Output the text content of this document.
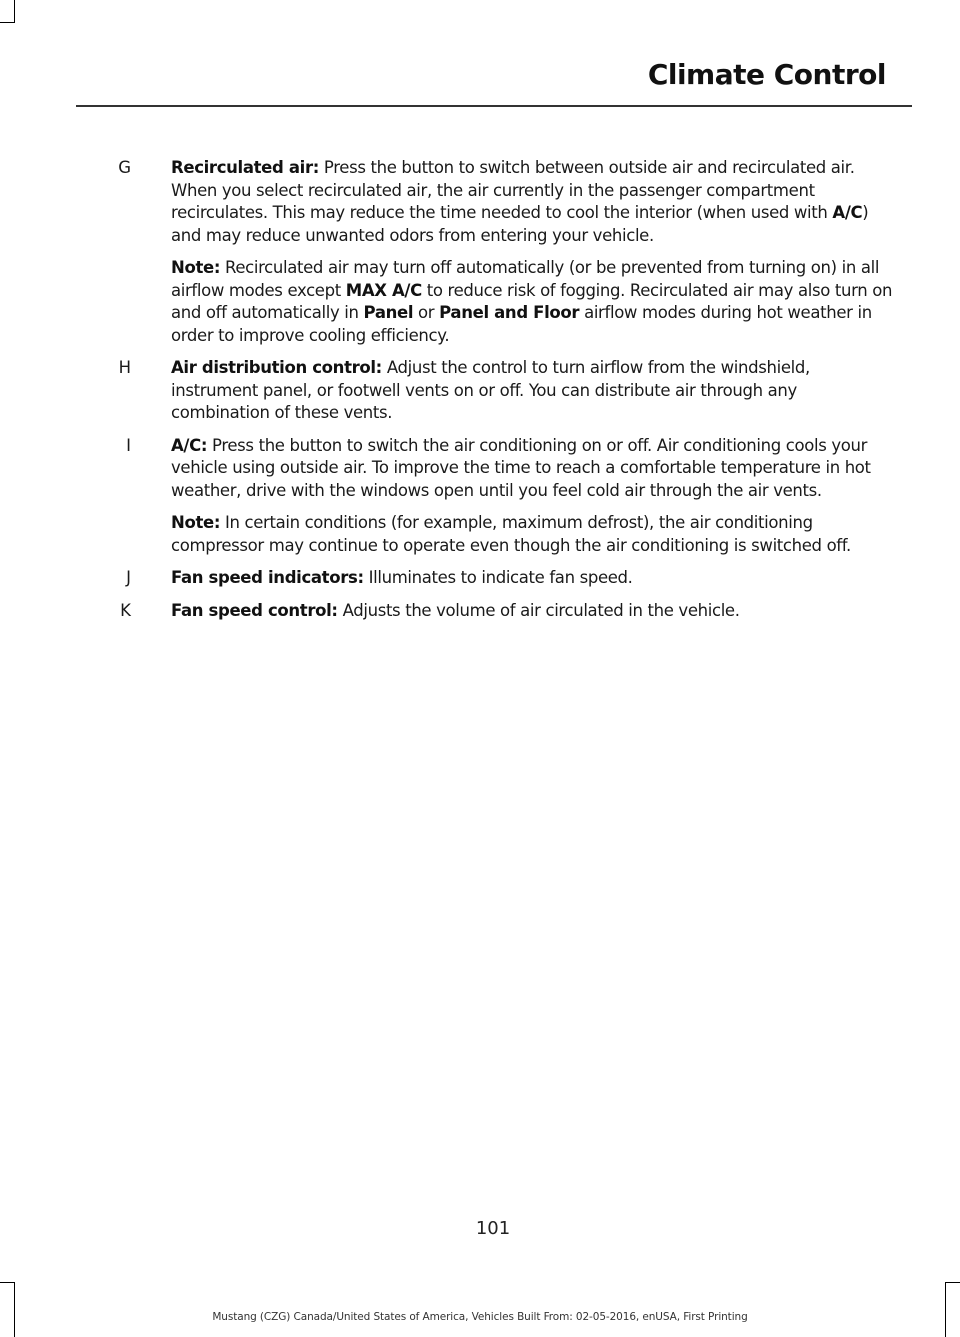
Climate Control
G Recirculated air: Press the button to switch between outside air and recirculated air. When you select recirculated air, the air currently in the passenger compartment recirculates. This may reduce the time needed to cool the interior (when used with A/C) and may reduce unwanted odors from entering your vehicle.

Note: Recirculated air may turn off automatically (or be prevented from turning on) in all airflow modes except MAX A/C to reduce risk of fogging. Recirculated air may also turn on and off automatically in Panel or Panel and Floor airflow modes during hot weather in order to improve cooling efficiency.

H Air distribution control: Adjust the control to turn airflow from the windshield, instrument panel, or footwell vents on or off. You can distribute air through any combination of these vents.

I A/C: Press the button to switch the air conditioning on or off. Air conditioning cools your vehicle using outside air. To improve the time to reach a comfortable temperature in hot weather, drive with the windows open until you feel cold air through the air vents.

Note: In certain conditions (for example, maximum defrost), the air conditioning compressor may continue to operate even though the air conditioning is switched off.

J Fan speed indicators: Illuminates to indicate fan speed.

K Fan speed control: Adjusts the volume of air circulated in the vehicle.

101
Mustang (CZG) Canada/United States of America, Vehicles Built From: 02-05-2016, enUSA, First Printing
